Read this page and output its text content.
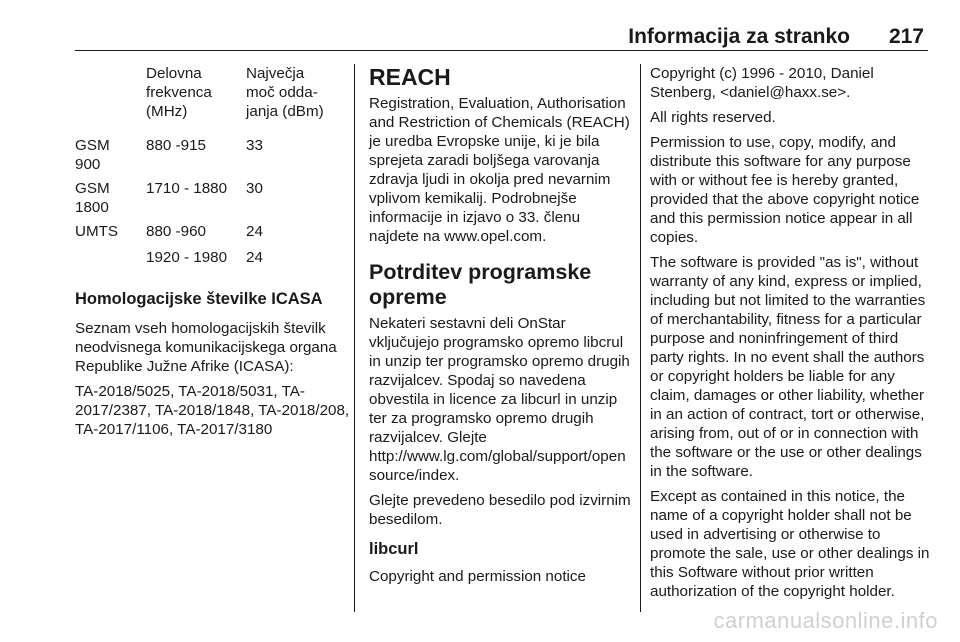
Informacija za stranko 217
Delovna
frekvenca
(MHz)
Največja
moč odda-
janja (dBm)
GSM
900
880 -915	33
GSM
1800
1710 - 1880 30
UMTS 880 -960	24
1920 - 1980 24
Homologacijske številke ICASA

Seznam vseh homologacijskih številk neodvisnega komunikacijskega organa Republike Južne Afrike (ICASA):

TA-2018/5025, TA-2018/5031, TA-2017/2387, TA-2018/1848, TA-2018/208, TA-2017/1106, TA-2017/3180

REACH

Registration, Evaluation, Authorisation and Restriction of Chemicals (REACH) je uredba Evropske unije, ki je bila sprejeta zaradi boljšega varovanja zdravja ljudi in okolja pred nevarnim vplivom kemikalij. Podrobnejše informacije in izjavo o 33. členu najdete na www.opel.com.

Potrditev programske opreme

Nekateri sestavni deli OnStar vključujejo programsko opremo libcrul in unzip ter programsko opremo drugih razvijalcev. Spodaj so navedena obvestila in licence za libcurl in unzip ter za programsko opremo drugih razvijalcev. Glejte http://www.lg.com/global/support/opensource/index.

Glejte prevedeno besedilo pod izvirnim besedilom.

libcurl

Copyright and permission notice

Copyright (c) 1996 - 2010, Daniel Stenberg, <daniel@haxx.se>.

All rights reserved.

Permission to use, copy, modify, and distribute this software for any purpose with or without fee is hereby granted, provided that the above copyright notice and this permission notice appear in all copies.

The software is provided "as is", without warranty of any kind, express or implied, including but not limited to the warranties of merchantability, fitness for a particular purpose and noninfringement of third party rights. In no event shall the authors or copyright holders be liable for any claim, damages or other liability, whether in an action of contract, tort or otherwise, arising from, out of or in connection with the software or the use or other dealings in the software.

Except as contained in this notice, the name of a copyright holder shall not be used in advertising or otherwise to promote the sale, use or other dealings in this Software without prior written authorization of the copyright holder.

carmanualsonline.info
